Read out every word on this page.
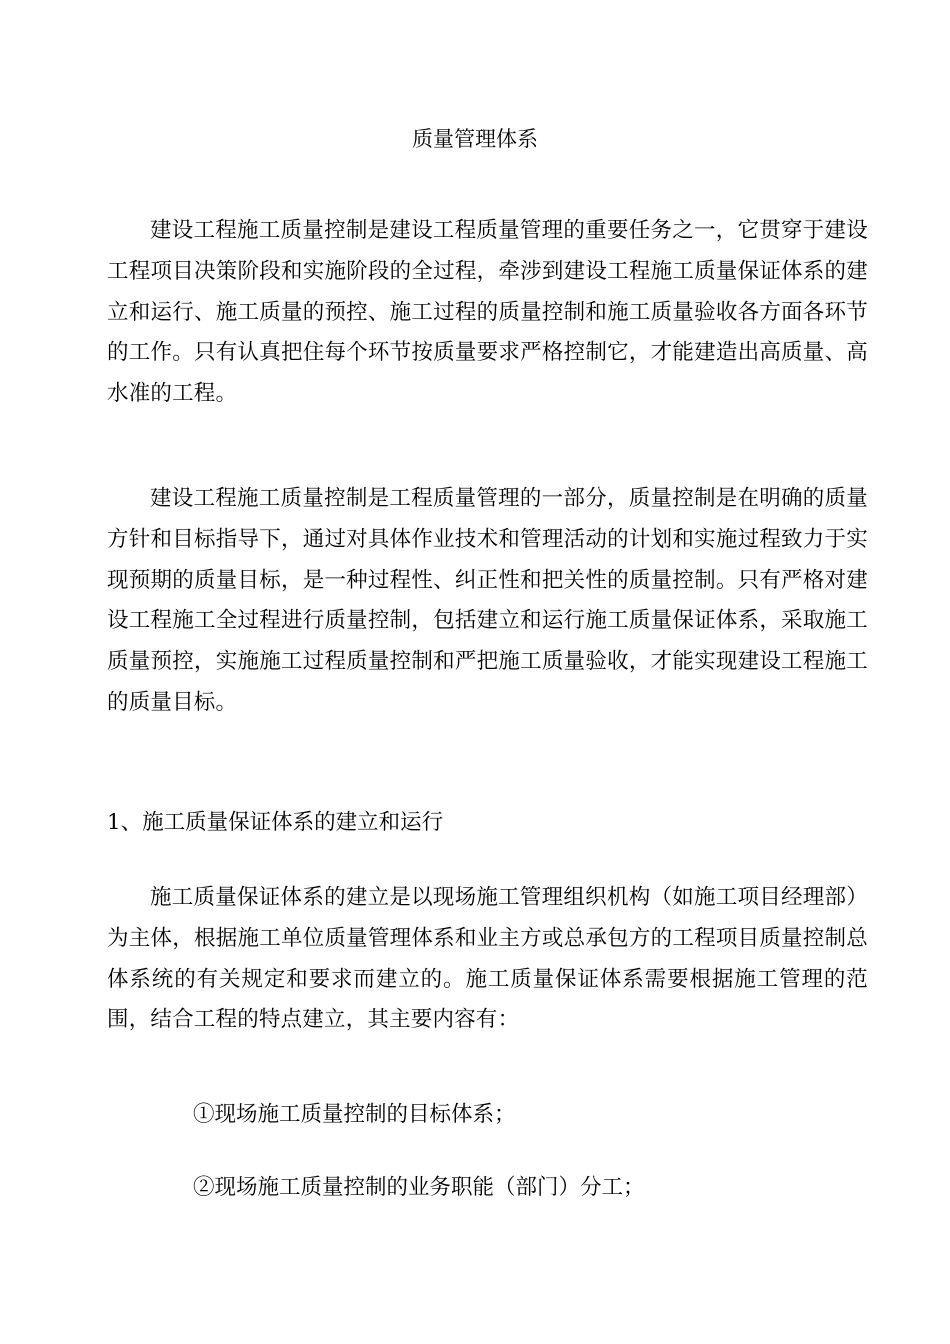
质量管理体系

建设工程施工质量控制是建设工程质量管理的重要任务之一，它贯穿于建设工程项目决策阶段和实施阶段的全过程，牵涉到建设工程施工质量保证体系的建立和运行、施工质量的预控、施工过程的质量控制和施工质量验收各方面各环节的工作。只有认真把住每个环节按质量要求严格控制它，才能建造出高质量、高水准的工程。

建设工程施工质量控制是工程质量管理的一部分，质量控制是在明确的质量方针和目标指导下，通过对具体作业技术和管理活动的计划和实施过程致力于实现预期的质量目标，是一种过程性、纠正性和把关性的质量控制。只有严格对建设工程施工全过程进行质量控制，包括建立和运行施工质量保证体系，采取施工质量预控，实施施工过程质量控制和严把施工质量验收，才能实现建设工程施工的质量目标。

1、施工质量保证体系的建立和运行

施工质量保证体系的建立是以现场施工管理组织机构（如施工项目经理部）为主体，根据施工单位质量管理体系和业主方或总承包方的工程项目质量控制总体系统的有关规定和要求而建立的。施工质量保证体系需要根据施工管理的范围，结合工程的特点建立，其主要内容有：

①现场施工质量控制的目标体系；

②现场施工质量控制的业务职能（部门）分工；
